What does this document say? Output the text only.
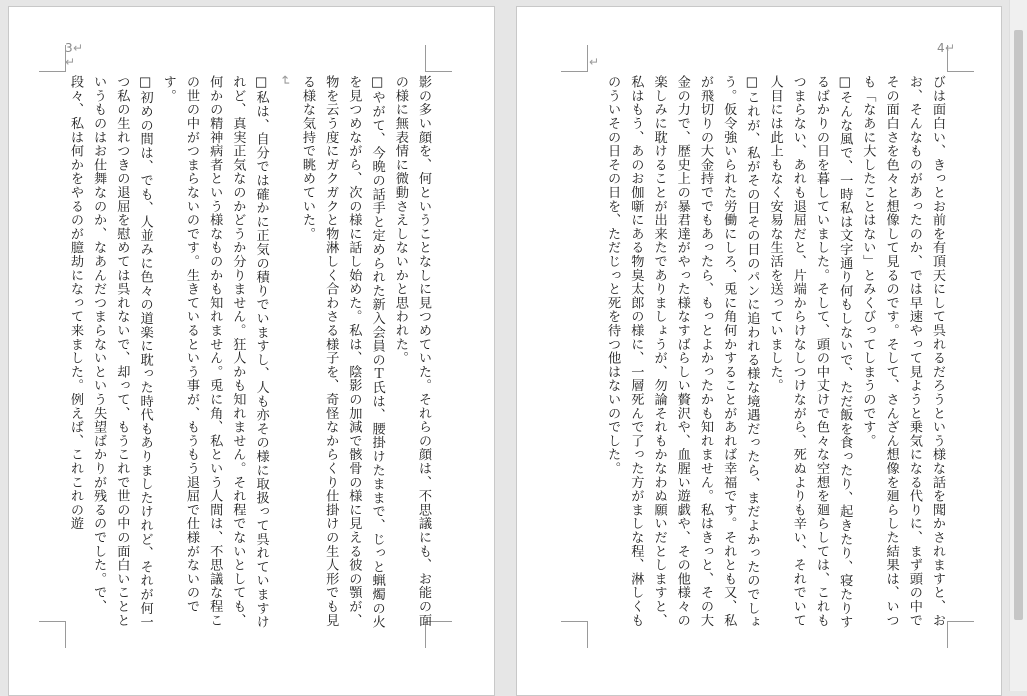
3 ↵
↵

影の多い顔を、何ということなしに見つめていた。それらの顔は、不思議にも、お能の面の様に無表情に微動さえしないかと思われた。

□やがて、今晩の話手と定められた新入会員のＴ氏は、腰掛けたままで、じっと蝋燭の火を見つめながら、次の様に話し始めた。私は、陰影の加減で骸骨の様に見える彼の顎が、物を云う度にガクガクと物淋しく合わさる様子を、奇怪なからくり仕掛けの生人形でも見る様な気持で眺めていた。

↵

□私は、自分では確かに正気の積りでいますし、人も亦その様に取扱って呉れていますけれど、真実正気なのかどうか分りません。狂人かも知れません。それ程でないとしても、何かの精神病者という様なものかも知れません。兎に角、私という人間は、不思議な程この世の中がつまらないのです。生きているという事が、もうもう退屈で仕様がないのです。

□初めの間は、でも、人並みに色々の道楽に耽った時代もありましたけれど、それが何一つ私の生れつきの退屈を慰めては呉れないで、却って、もうこれで世の中の面白いことというものはお仕舞なのか、なあんだつまらないという失望ばかりが残るのでした。で、段々、私は何かをやるのが臆劫になって来ました。例えば、これこれの遊

4 ↵
↵

びは面白い、きっとお前を有頂天にして呉れるだろうという様な話を聞かされますと、おお、そんなものがあったのか、では早速やって見ようと乗気になる代りに、まず頭の中でその面白さを色々と想像して見るのです。そして、さんざん想像を廻らした結果は、いつも「なあに大したことはない」とみくびってしまうのです。

□そんな風で、一時私は文字通り何もしないで、ただ飯を食ったり、起きたり、寝たりするばかりの日を暮していました。そして、頭の中丈けで色々な空想を廻らしては、これもつまらない、あれも退屈だと、片端からけなしつけながら、死ぬよりも辛い、それでいて人目には此上もなく安易な生活を送っていました。

□これが、私がその日その日のパンに追われる様な境遇だったら、まだよかったのでしょう。仮令強いられた労働にしろ、兎に角何かすることがあれば幸福です。それとも又、私が飛切りの大金持ででもあったら、もっとよかったかも知れません。私はきっと、その大金の力で、歴史上の暴君達がやった様なすばらしい贅沢や、血腥い遊戯や、その他様々の楽しみに耽けることが出来たでありましょうが、勿論それもかなわぬ願いだとしますと、私はもう、あのお伽噺にある物臭太郎の様に、一層死んで了った方がましな程、淋しくものういその日その日を、ただじっと死を待つ他はないのでした。
